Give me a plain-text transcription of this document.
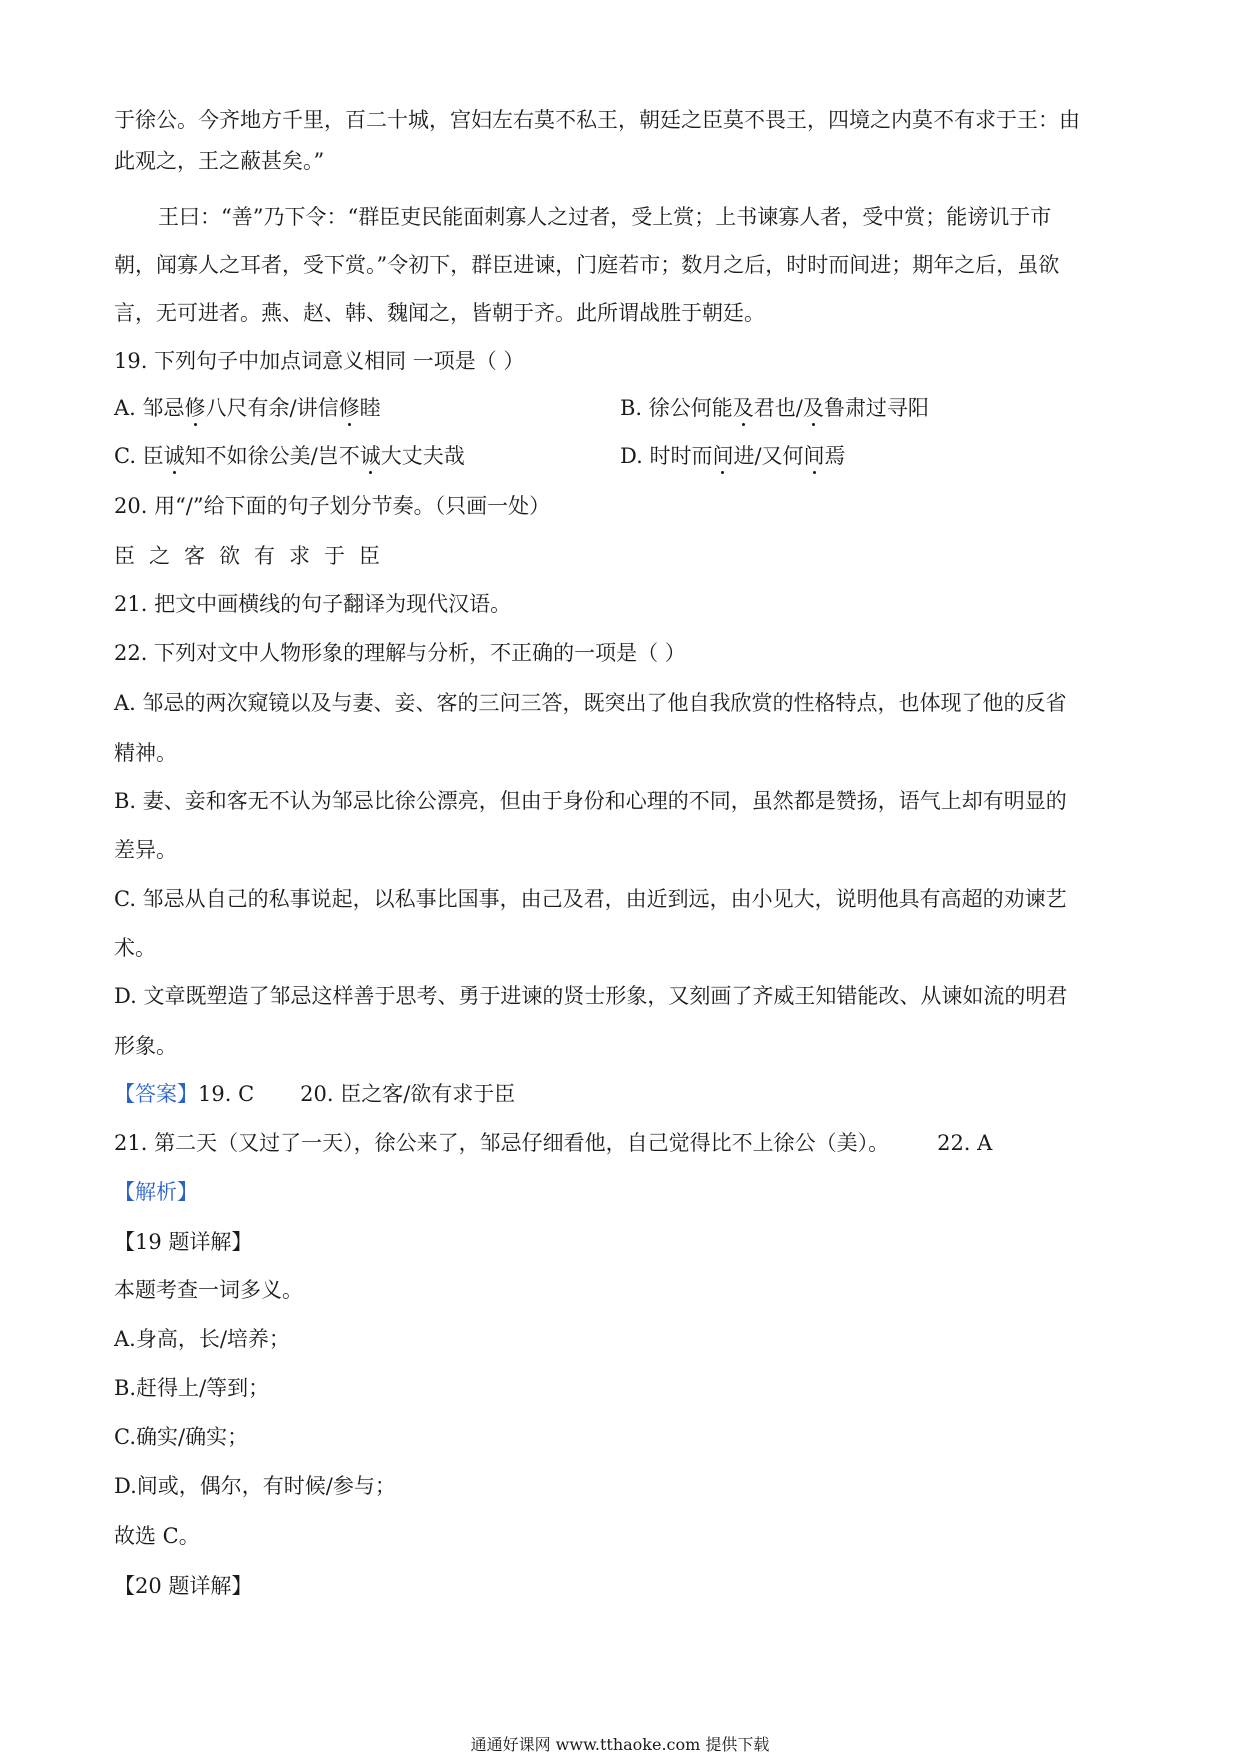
于徐公。今齐地方千里，百二十城，宫妇左右莫不私王，朝廷之臣莫不畏王，四境之内莫不有求于王：由
此观之，王之蔽甚矣。”
王曰：“善”乃下令：“群臣吏民能面刺寡人之过者，受上赏；上书谏寡人者，受中赏；能谤讥于市
朝，闻寡人之耳者，受下赏。”令初下，群臣进谏，门庭若市；数月之后，时时而间进；期年之后，虽欲
言，无可进者。燕、赵、韩、魏闻之，皆朝于齐。此所谓战胜于朝廷。
19. 下列句子中加点词意义相同 一项是（ ）
A. 邹忌修八尺有余/讲信修睦	B. 徐公何能及君也/及鲁肃过寻阳
C. 臣诚知不如徐公美/岂不诚大丈夫哉	D. 时时而间进/又何间焉
20. 用“/”给下面的句子划分节奏。（只画一处）
臣之客欲有求于臣
21. 把文中画横线的句子翻译为现代汉语。
22. 下列对文中人物形象的理解与分析，不正确的一项是（ ）
A. 邹忌的两次窥镜以及与妻、妾、客的三问三答，既突出了他自我欣赏的性格特点，也体现了他的反省
精神。
B. 妻、妾和客无不认为邹忌比徐公漂亮，但由于身份和心理的不同，虽然都是赞扬，语气上却有明显的
差异。
C. 邹忌从自己的私事说起，以私事比国事，由己及君，由近到远，由小见大，说明他具有高超的劝谏艺
术。
D. 文章既塑造了邹忌这样善于思考、勇于进谏的贤士形象，又刻画了齐威王知错能改、从谏如流的明君
形象。
【答案】19. C 20. 臣之客/欲有求于臣
21. 第二天（又过了一天），徐公来了，邹忌仔细看他，自己觉得比不上徐公（美）。 22. A
【解析】
【19 题详解】
本题考查一词多义。
A.身高，长/培养；
B.赶得上/等到；
C.确实/确实；
D.间或，偶尔，有时候/参与；
故选 C。
【20 题详解】
通通好课网 www.tthaoke.com 提供下载
